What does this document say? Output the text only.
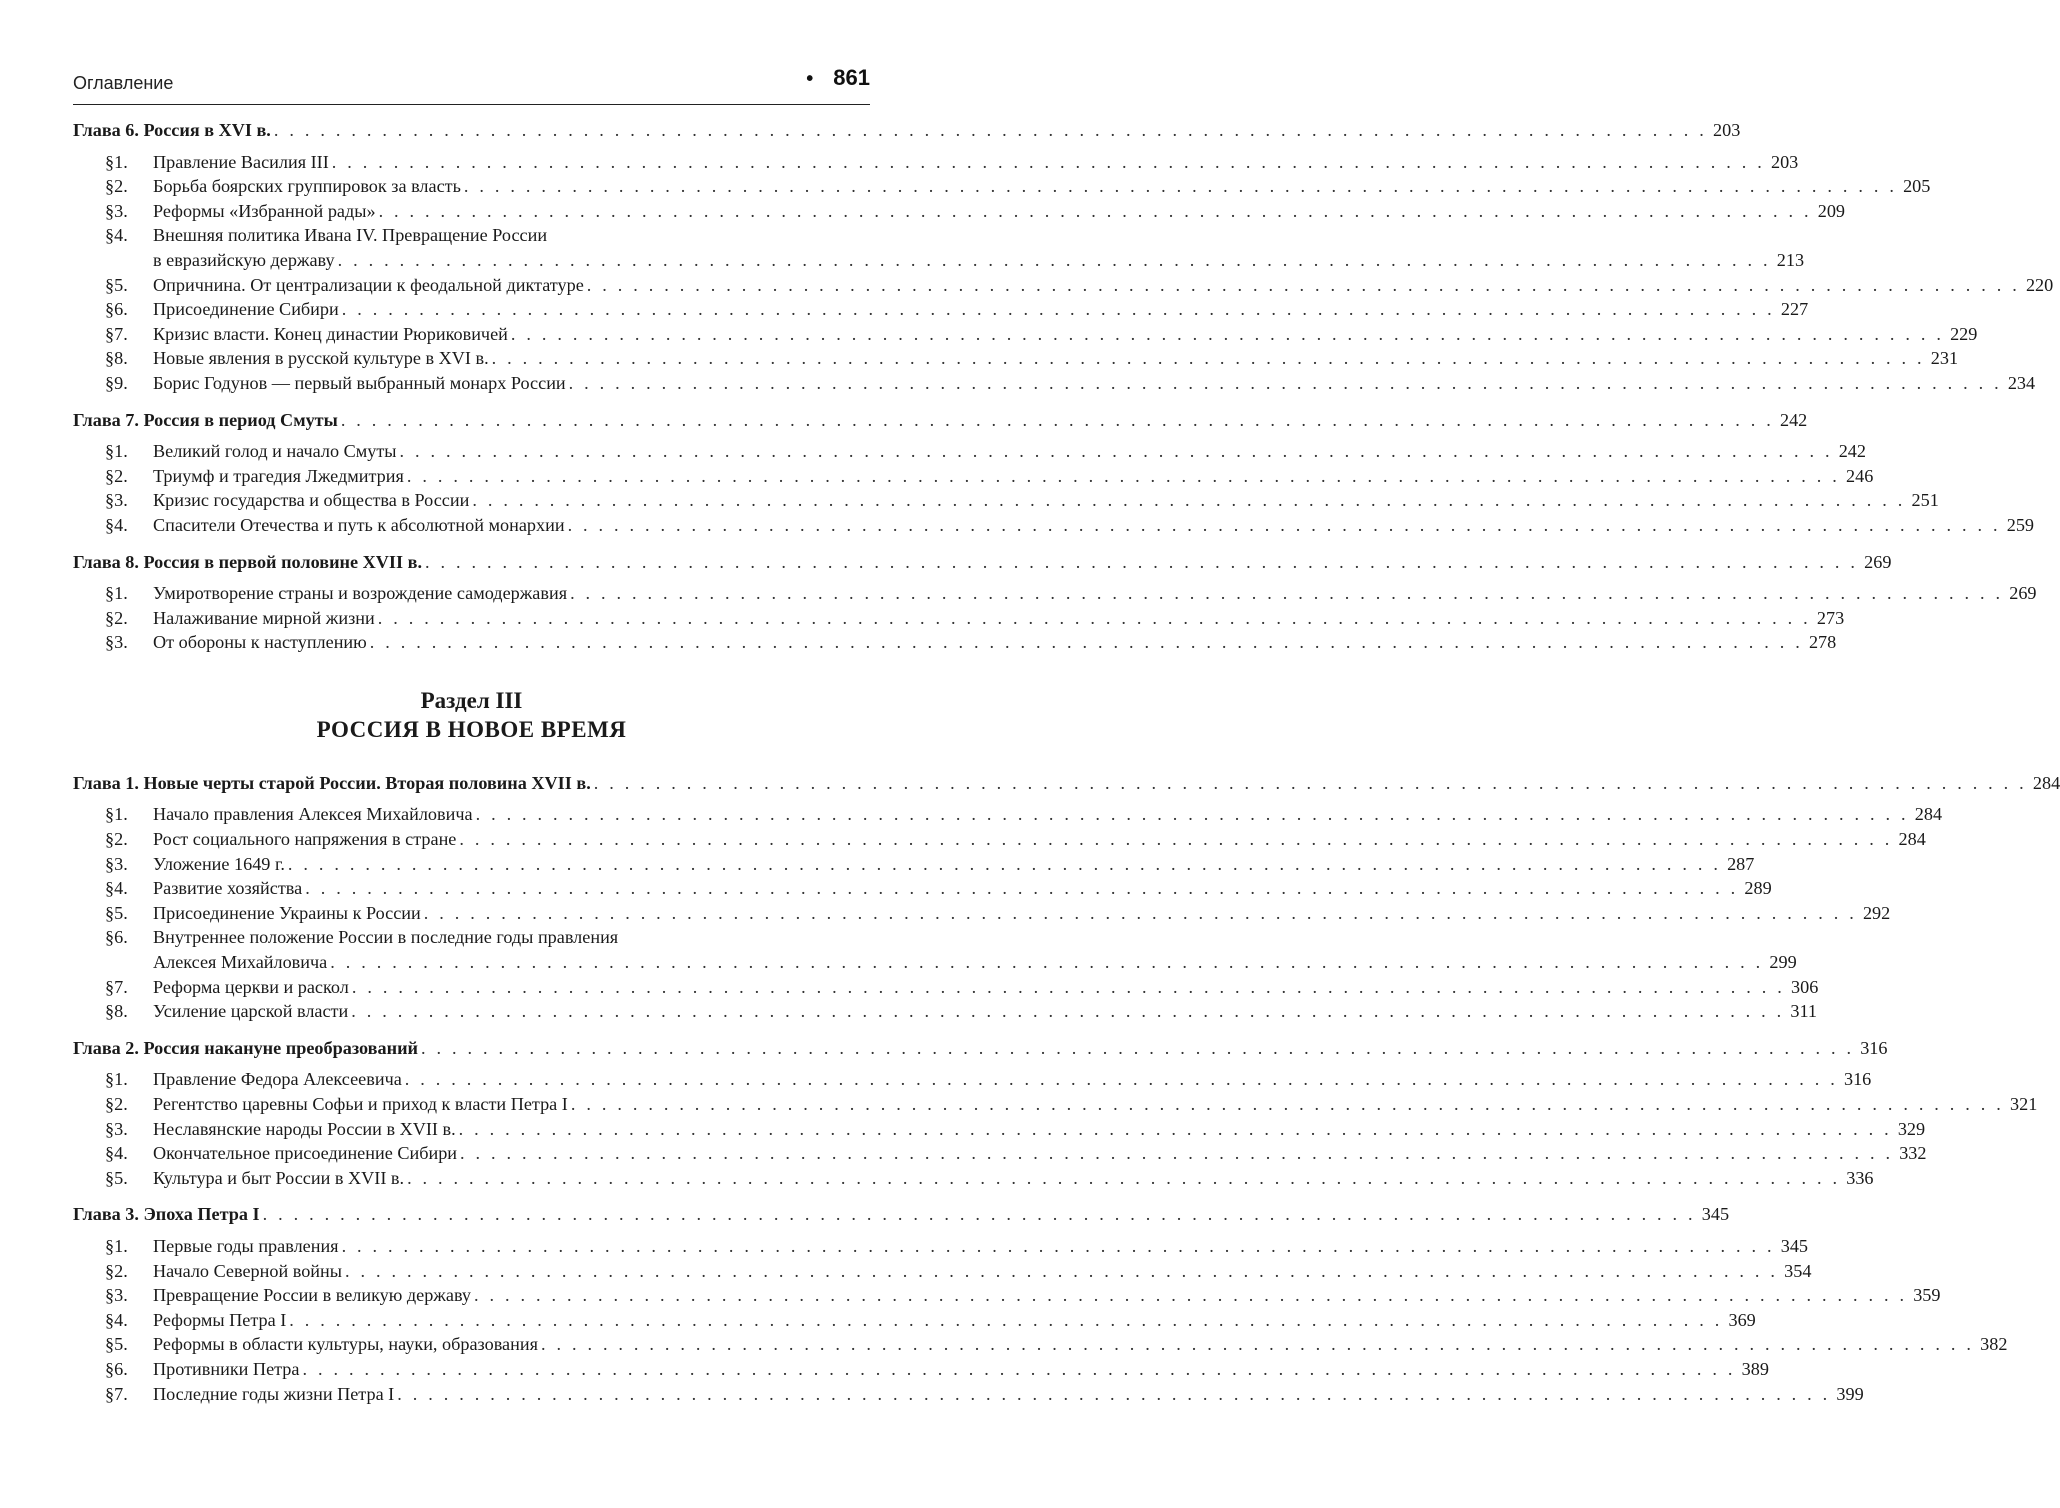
Оглавление	• 861
Глава 6. Россия в XVI в. . . . . . . . . . . . . . . . . . . . . . . . . . . . . . . . . . . . . . . . . . . . . . . . . . . . . . . . . . . . . . . . . . . . . . . . . . . . . . . . . . . . . . . . . . . . . . 203
§1. Правление Василия III . . . . . . . . . . . . . . . . . . . . . . . . . . . . . . . . . . . . . . . . . . . . . . . . . . . . . . . . . . . . . . . . . . . . . . . . . . . . . . . . . . . . . . . . . . . . . 203
§2. Борьба боярских группировок за власть . . . . . . . . . . . . . . . . . . . . . . . . . . . . . . . . . . . . . . . . . . . . . . . . . . . . . . . . . . . . . . . . . . . . . . . . . . . . . . . . . . . . . . . . . . . . . 205
§3. Реформы «Избранной рады» . . . . . . . . . . . . . . . . . . . . . . . . . . . . . . . . . . . . . . . . . . . . . . . . . . . . . . . . . . . . . . . . . . . . . . . . . . . . . . . . . . . . . . . . . . . . . 209
§4. Внешняя политика Ивана IV. Превращение России
в евразийскую державу . . . . . . . . . . . . . . . . . . . . . . . . . . . . . . . . . . . . . . . . . . . . . . . . . . . . . . . . . . . . . . . . . . . . . . . . . . . . . . . . . . . . . . . . . . . . . 213
§5. Опричнина. От централизации к феодальной диктатуре . . . . . . . . . . . . . . . . . . . . . . . . . . . . . . . . . . . . . . . . . . . . . . . . . . . . . . . . . . . . . . . . . . . . . . . . . . . . . . . . . . . . . . . . . . . . . 220
§6. Присоединение Сибири . . . . . . . . . . . . . . . . . . . . . . . . . . . . . . . . . . . . . . . . . . . . . . . . . . . . . . . . . . . . . . . . . . . . . . . . . . . . . . . . . . . . . . . . . . . . . 227
§7. Кризис власти. Конец династии Рюриковичей . . . . . . . . . . . . . . . . . . . . . . . . . . . . . . . . . . . . . . . . . . . . . . . . . . . . . . . . . . . . . . . . . . . . . . . . . . . . . . . . . . . . . . . . . . . . . 229
§8. Новые явления в русской культуре в XVI в. . . . . . . . . . . . . . . . . . . . . . . . . . . . . . . . . . . . . . . . . . . . . . . . . . . . . . . . . . . . . . . . . . . . . . . . . . . . . . . . . . . . . . . . . . . . . . 231
§9. Борис Годунов — первый выбранный монарх России . . . . . . . . . . . . . . . . . . . . . . . . . . . . . . . . . . . . . . . . . . . . . . . . . . . . . . . . . . . . . . . . . . . . . . . . . . . . . . . . . . . . . . . . . . . . . 234
Глава 7. Россия в период Смуты . . . . . . . . . . . . . . . . . . . . . . . . . . . . . . . . . . . . . . . . . . . . . . . . . . . . . . . . . . . . . . . . . . . . . . . . . . . . . . . . . . . . . . . . . . . . . 242
§1. Великий голод и начало Смуты . . . . . . . . . . . . . . . . . . . . . . . . . . . . . . . . . . . . . . . . . . . . . . . . . . . . . . . . . . . . . . . . . . . . . . . . . . . . . . . . . . . . . . . . . . . . . 242
§2. Триумф и трагедия Лжедмитрия . . . . . . . . . . . . . . . . . . . . . . . . . . . . . . . . . . . . . . . . . . . . . . . . . . . . . . . . . . . . . . . . . . . . . . . . . . . . . . . . . . . . . . . . . . . . . 246
§3. Кризис государства и общества в России . . . . . . . . . . . . . . . . . . . . . . . . . . . . . . . . . . . . . . . . . . . . . . . . . . . . . . . . . . . . . . . . . . . . . . . . . . . . . . . . . . . . . . . . . . . . . 251
§4. Спасители Отечества и путь к абсолютной монархии . . . . . . . . . . . . . . . . . . . . . . . . . . . . . . . . . . . . . . . . . . . . . . . . . . . . . . . . . . . . . . . . . . . . . . . . . . . . . . . . . . . . . . . . . . . . . 259
Глава 8. Россия в первой половине XVII в. . . . . . . . . . . . . . . . . . . . . . . . . . . . . . . . . . . . . . . . . . . . . . . . . . . . . . . . . . . . . . . . . . . . . . . . . . . . . . . . . . . . . . . . . . . . . . 269
§1. Умиротворение страны и возрождение самодержавия . . . . . . . . . . . . . . . . . . . . . . . . . . . . . . . . . . . . . . . . . . . . . . . . . . . . . . . . . . . . . . . . . . . . . . . . . . . . . . . . . . . . . . . . . . . . . 269
§2. Налаживание мирной жизни . . . . . . . . . . . . . . . . . . . . . . . . . . . . . . . . . . . . . . . . . . . . . . . . . . . . . . . . . . . . . . . . . . . . . . . . . . . . . . . . . . . . . . . . . . . . . 273
§3. От обороны к наступлению . . . . . . . . . . . . . . . . . . . . . . . . . . . . . . . . . . . . . . . . . . . . . . . . . . . . . . . . . . . . . . . . . . . . . . . . . . . . . . . . . . . . . . . . . . . . . 278
Раздел III
РОССИЯ В НОВОЕ ВРЕМЯ
Глава 1. Новые черты старой России. Вторая половина XVII в. . . . . . . . . . . . . . . . . . . . . . . . . . . . . . . . . . . . . . . . . . . . . . . . . . . . . . . . . . . . . . . . . . . . . . . . . . . . . . . . . . . . . . . . . . . . . . 284
§1. Начало правления Алексея Михайловича . . . . . . . . . . . . . . . . . . . . . . . . . . . . . . . . . . . . . . . . . . . . . . . . . . . . . . . . . . . . . . . . . . . . . . . . . . . . . . . . . . . . . . . . . . . . . 284
§2. Рост социального напряжения в стране . . . . . . . . . . . . . . . . . . . . . . . . . . . . . . . . . . . . . . . . . . . . . . . . . . . . . . . . . . . . . . . . . . . . . . . . . . . . . . . . . . . . . . . . . . . . . 284
§3. Уложение 1649 г. . . . . . . . . . . . . . . . . . . . . . . . . . . . . . . . . . . . . . . . . . . . . . . . . . . . . . . . . . . . . . . . . . . . . . . . . . . . . . . . . . . . . . . . . . . . . . 287
§4. Развитие хозяйства . . . . . . . . . . . . . . . . . . . . . . . . . . . . . . . . . . . . . . . . . . . . . . . . . . . . . . . . . . . . . . . . . . . . . . . . . . . . . . . . . . . . . . . . . . . . . 289
§5. Присоединение Украины к России . . . . . . . . . . . . . . . . . . . . . . . . . . . . . . . . . . . . . . . . . . . . . . . . . . . . . . . . . . . . . . . . . . . . . . . . . . . . . . . . . . . . . . . . . . . . . 292
§6. Внутреннее положение России в последние годы правления
Алексея Михайловича . . . . . . . . . . . . . . . . . . . . . . . . . . . . . . . . . . . . . . . . . . . . . . . . . . . . . . . . . . . . . . . . . . . . . . . . . . . . . . . . . . . . . . . . . . . . . 299
§7. Реформа церкви и раскол . . . . . . . . . . . . . . . . . . . . . . . . . . . . . . . . . . . . . . . . . . . . . . . . . . . . . . . . . . . . . . . . . . . . . . . . . . . . . . . . . . . . . . . . . . . . . 306
§8. Усиление царской власти . . . . . . . . . . . . . . . . . . . . . . . . . . . . . . . . . . . . . . . . . . . . . . . . . . . . . . . . . . . . . . . . . . . . . . . . . . . . . . . . . . . . . . . . . . . . . 311
Глава 2. Россия накануне преобразований . . . . . . . . . . . . . . . . . . . . . . . . . . . . . . . . . . . . . . . . . . . . . . . . . . . . . . . . . . . . . . . . . . . . . . . . . . . . . . . . . . . . . . . . . . . . . 316
§1. Правление Федора Алексеевича . . . . . . . . . . . . . . . . . . . . . . . . . . . . . . . . . . . . . . . . . . . . . . . . . . . . . . . . . . . . . . . . . . . . . . . . . . . . . . . . . . . . . . . . . . . . . 316
§2. Регентство царевны Софьи и приход к власти Петра I . . . . . . . . . . . . . . . . . . . . . . . . . . . . . . . . . . . . . . . . . . . . . . . . . . . . . . . . . . . . . . . . . . . . . . . . . . . . . . . . . . . . . . . . . . . . . 321
§3. Неславянские народы России в XVII в. . . . . . . . . . . . . . . . . . . . . . . . . . . . . . . . . . . . . . . . . . . . . . . . . . . . . . . . . . . . . . . . . . . . . . . . . . . . . . . . . . . . . . . . . . . . . . 329
§4. Окончательное присоединение Сибири . . . . . . . . . . . . . . . . . . . . . . . . . . . . . . . . . . . . . . . . . . . . . . . . . . . . . . . . . . . . . . . . . . . . . . . . . . . . . . . . . . . . . . . . . . . . . 332
§5. Культура и быт России в XVII в. . . . . . . . . . . . . . . . . . . . . . . . . . . . . . . . . . . . . . . . . . . . . . . . . . . . . . . . . . . . . . . . . . . . . . . . . . . . . . . . . . . . . . . . . . . . . . 336
Глава 3. Эпоха Петра I . . . . . . . . . . . . . . . . . . . . . . . . . . . . . . . . . . . . . . . . . . . . . . . . . . . . . . . . . . . . . . . . . . . . . . . . . . . . . . . . . . . . . . . . . . . . . 345
§1. Первые годы правления . . . . . . . . . . . . . . . . . . . . . . . . . . . . . . . . . . . . . . . . . . . . . . . . . . . . . . . . . . . . . . . . . . . . . . . . . . . . . . . . . . . . . . . . . . . . . 345
§2. Начало Северной войны . . . . . . . . . . . . . . . . . . . . . . . . . . . . . . . . . . . . . . . . . . . . . . . . . . . . . . . . . . . . . . . . . . . . . . . . . . . . . . . . . . . . . . . . . . . . . 354
§3. Превращение России в великую державу . . . . . . . . . . . . . . . . . . . . . . . . . . . . . . . . . . . . . . . . . . . . . . . . . . . . . . . . . . . . . . . . . . . . . . . . . . . . . . . . . . . . . . . . . . . . . 359
§4. Реформы Петра I . . . . . . . . . . . . . . . . . . . . . . . . . . . . . . . . . . . . . . . . . . . . . . . . . . . . . . . . . . . . . . . . . . . . . . . . . . . . . . . . . . . . . . . . . . . . . 369
§5. Реформы в области культуры, науки, образования . . . . . . . . . . . . . . . . . . . . . . . . . . . . . . . . . . . . . . . . . . . . . . . . . . . . . . . . . . . . . . . . . . . . . . . . . . . . . . . . . . . . . . . . . . . . . 382
§6. Противники Петра . . . . . . . . . . . . . . . . . . . . . . . . . . . . . . . . . . . . . . . . . . . . . . . . . . . . . . . . . . . . . . . . . . . . . . . . . . . . . . . . . . . . . . . . . . . . . 389
§7. Последние годы жизни Петра I . . . . . . . . . . . . . . . . . . . . . . . . . . . . . . . . . . . . . . . . . . . . . . . . . . . . . . . . . . . . . . . . . . . . . . . . . . . . . . . . . . . . . . . . . . . . . 399
